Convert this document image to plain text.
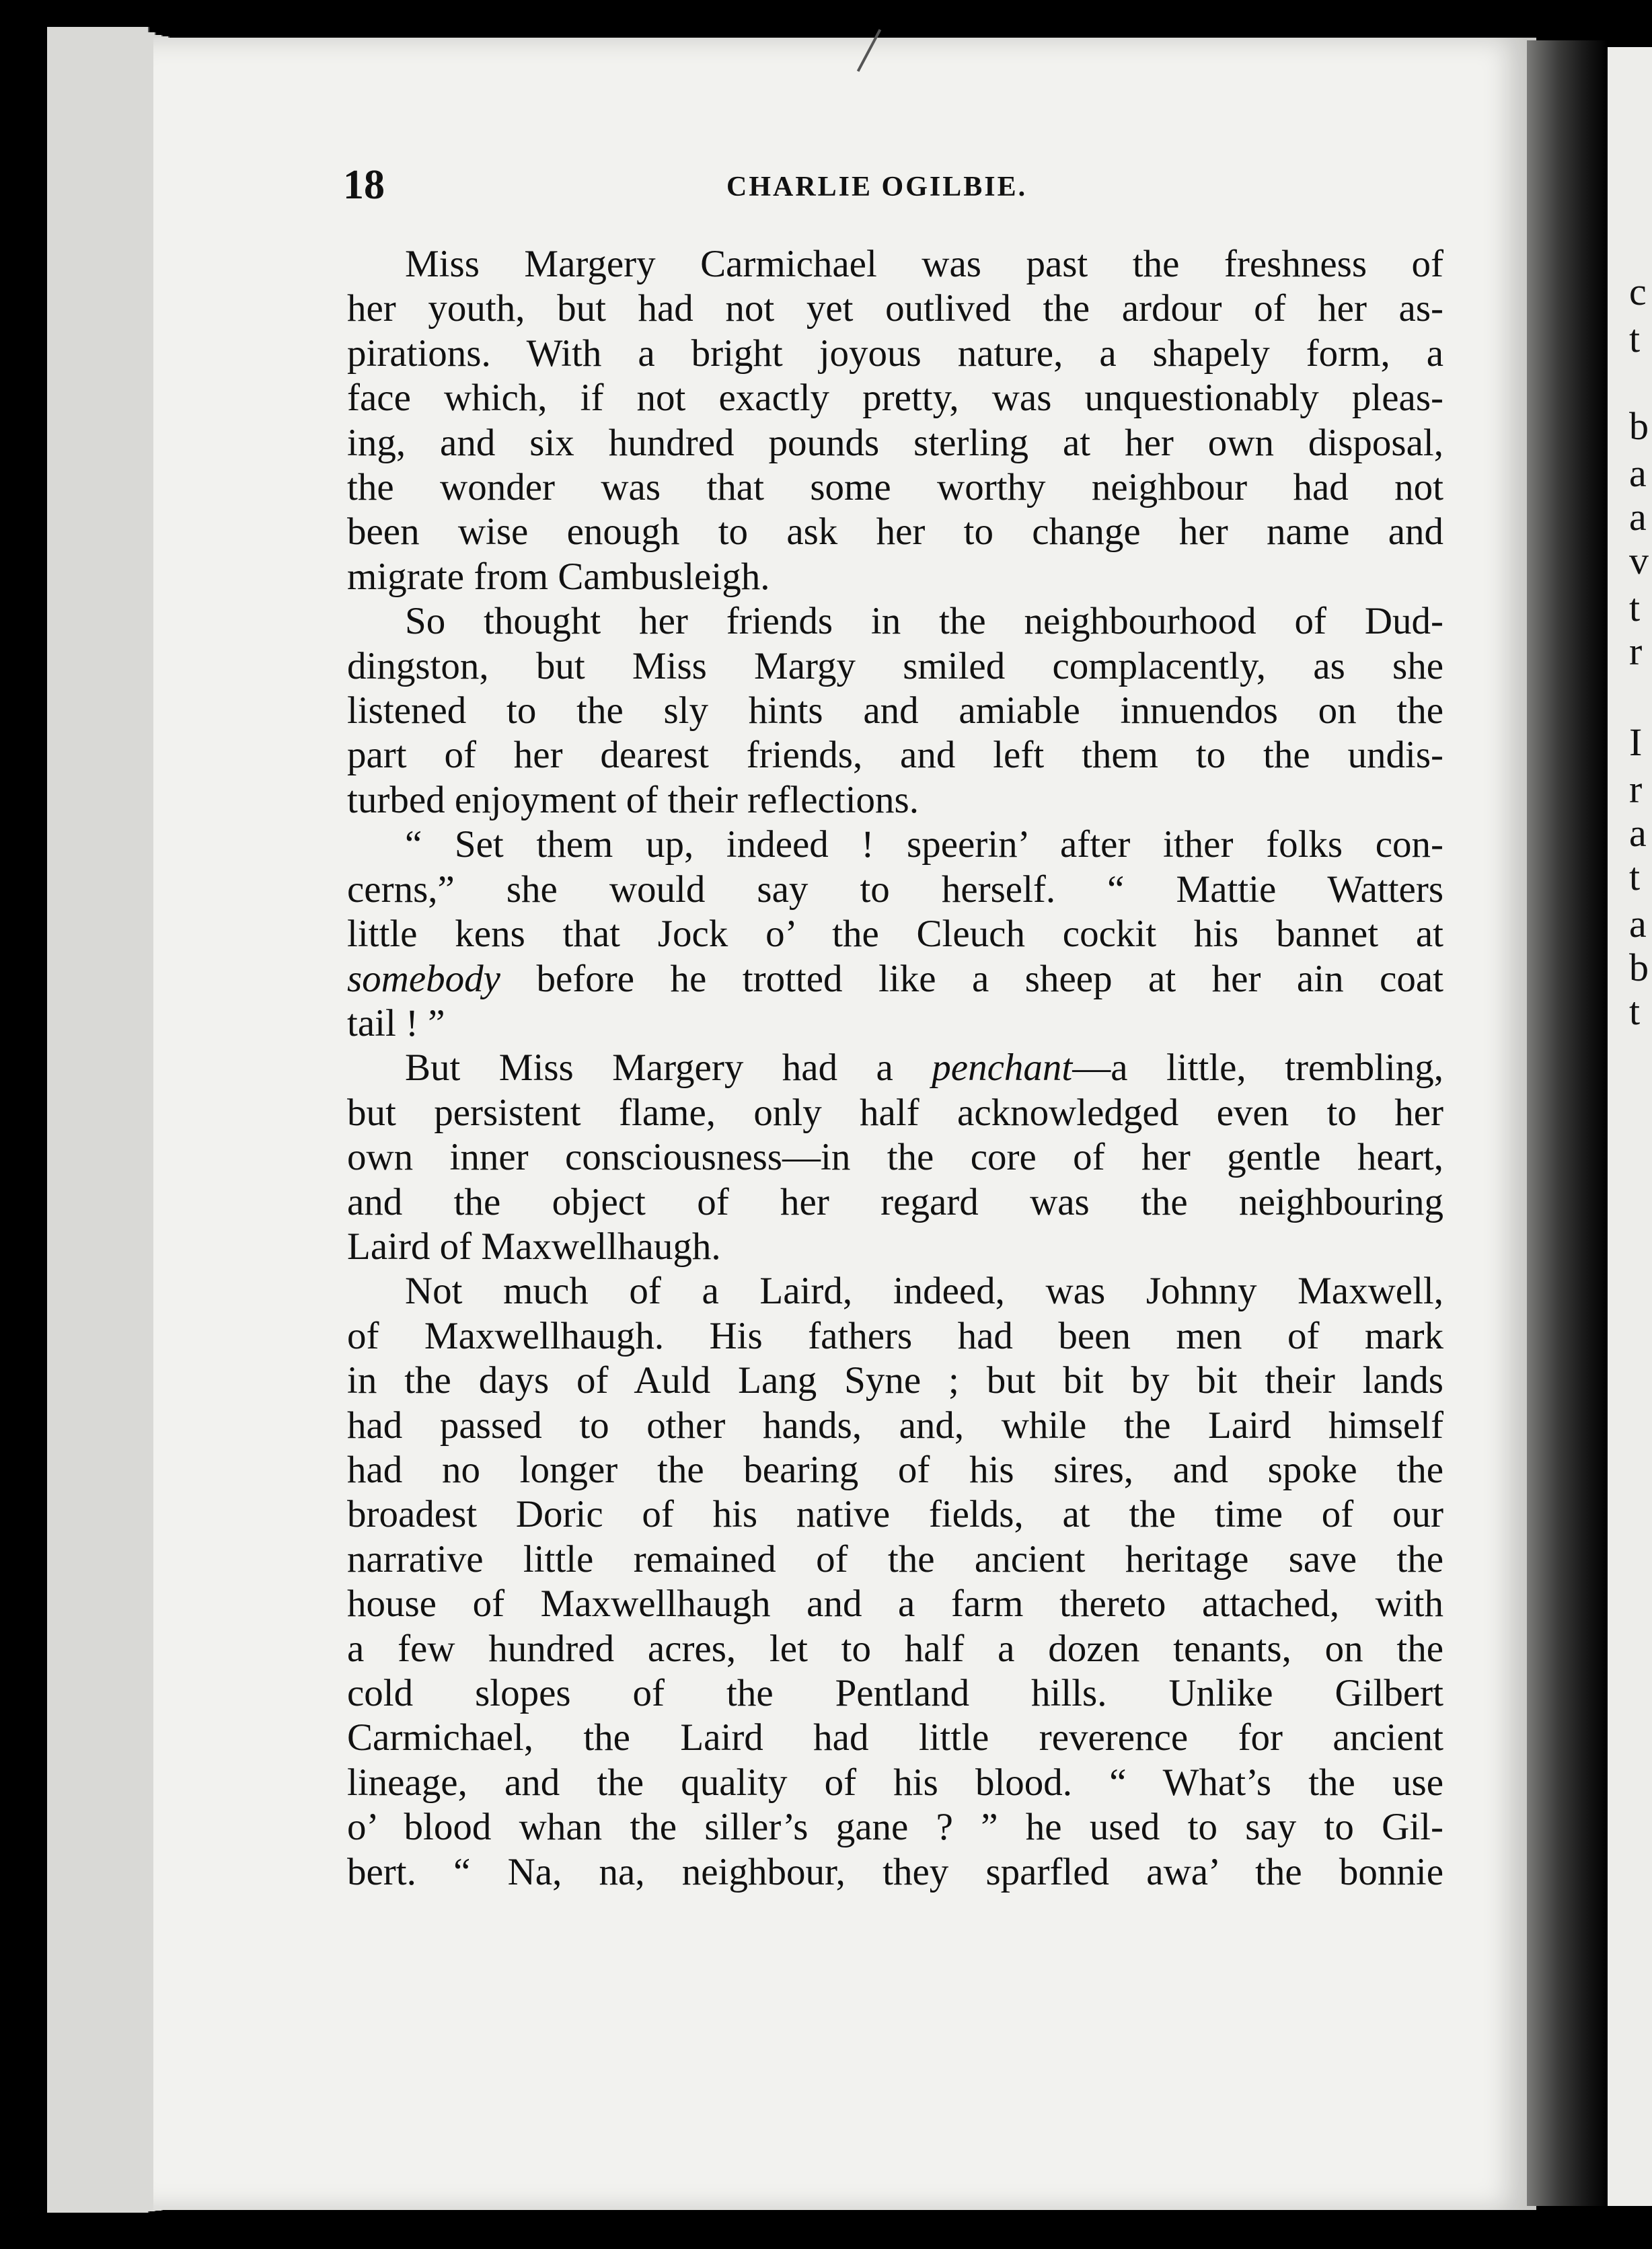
c
t
b
a
a
v
t
r
I
r
a
t
a
b
t
18	CHARLIE OGILBIE.
Miss Margery Carmichael was past the freshness of
her youth, but had not yet outlived the ardour of her as-
pirations. With a bright joyous nature, a shapely form, a
face which, if not exactly pretty, was unquestionably pleas-
ing, and six hundred pounds sterling at her own disposal,
the wonder was that some worthy neighbour had not
been wise enough to ask her to change her name and
migrate from Cambusleigh.
So thought her friends in the neighbourhood of Dud-
dingston, but Miss Margy smiled complacently, as she
listened to the sly hints and amiable innuendos on the
part of her dearest friends, and left them to the undis-
turbed enjoyment of their reflections.
“ Set them up, indeed ! speerin’ after ither folks con-
cerns,” she would say to herself. “ Mattie Watters
little kens that Jock o’ the Cleuch cockit his bannet at
somebody before he trotted like a sheep at her ain coat
tail ! ”
But Miss Margery had a penchant—a little, trembling,
but persistent flame, only half acknowledged even to her
own inner consciousness—in the core of her gentle heart,
and the object of her regard was the neighbouring
Laird of Maxwellhaugh.
Not much of a Laird, indeed, was Johnny Maxwell,
of Maxwellhaugh. His fathers had been men of mark
in the days of Auld Lang Syne ; but bit by bit their lands
had passed to other hands, and, while the Laird himself
had no longer the bearing of his sires, and spoke the
broadest Doric of his native fields, at the time of our
narrative little remained of the ancient heritage save the
house of Maxwellhaugh and a farm thereto attached, with
a few hundred acres, let to half a dozen tenants, on the
cold slopes of the Pentland hills. Unlike Gilbert
Carmichael, the Laird had little reverence for ancient
lineage, and the quality of his blood. “ What’s the use
o’ blood whan the siller’s gane ? ” he used to say to Gil-
bert. “ Na, na, neighbour, they sparfled awa’ the bonnie
